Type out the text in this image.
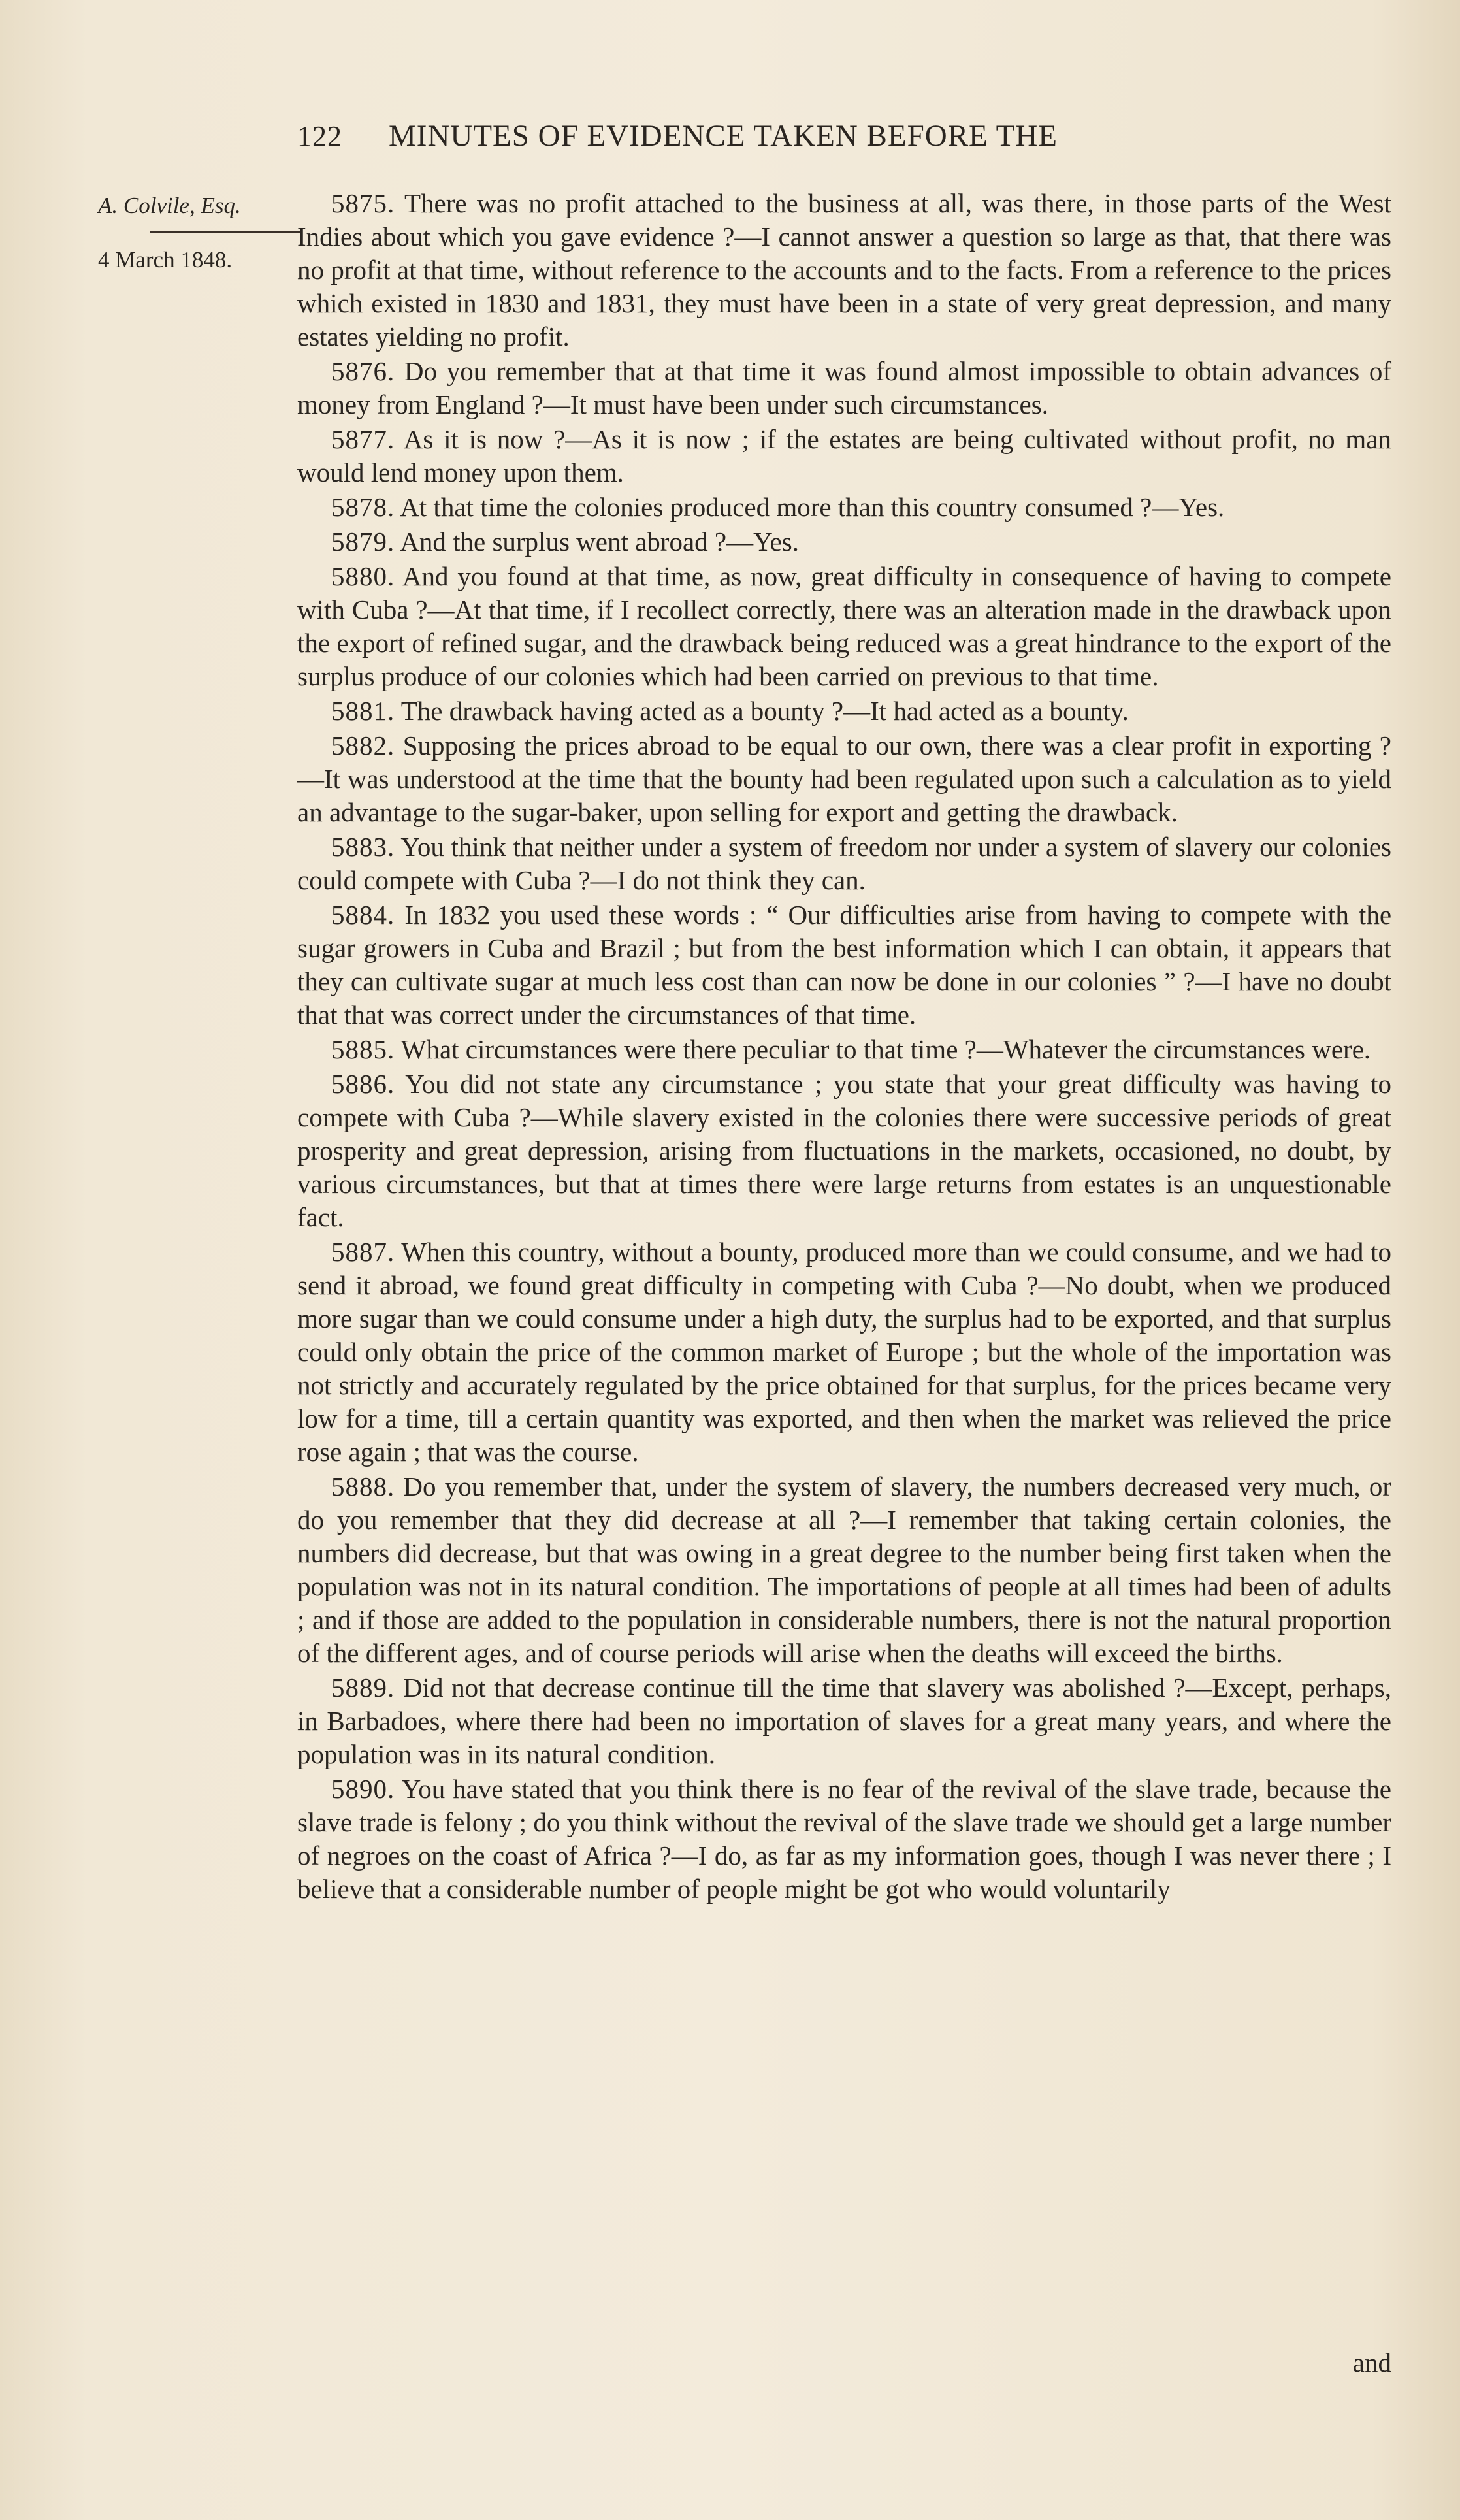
122 MINUTES OF EVIDENCE TAKEN BEFORE THE
A. Colvile, Esq.
4 March 1848.

5875. There was no profit attached to the business at all, was there, in those parts of the West Indies about which you gave evidence ?—I cannot answer a question so large as that, that there was no profit at that time, without reference to the accounts and to the facts. From a reference to the prices which existed in 1830 and 1831, they must have been in a state of very great depression, and many estates yielding no profit.

5876. Do you remember that at that time it was found almost impossible to obtain advances of money from England ?—It must have been under such circumstances.

5877. As it is now ?—As it is now ; if the estates are being cultivated without profit, no man would lend money upon them.

5878. At that time the colonies produced more than this country consumed ?—Yes.

5879. And the surplus went abroad ?—Yes.

5880. And you found at that time, as now, great difficulty in consequence of having to compete with Cuba ?—At that time, if I recollect correctly, there was an alteration made in the drawback upon the export of refined sugar, and the drawback being reduced was a great hindrance to the export of the surplus produce of our colonies which had been carried on previous to that time.

5881. The drawback having acted as a bounty ?—It had acted as a bounty.

5882. Supposing the prices abroad to be equal to our own, there was a clear profit in exporting ?—It was understood at the time that the bounty had been regulated upon such a calculation as to yield an advantage to the sugar-baker, upon selling for export and getting the drawback.

5883. You think that neither under a system of freedom nor under a system of slavery our colonies could compete with Cuba ?—I do not think they can.

5884. In 1832 you used these words : “ Our difficulties arise from having to compete with the sugar growers in Cuba and Brazil ; but from the best information which I can obtain, it appears that they can cultivate sugar at much less cost than can now be done in our colonies ” ?—I have no doubt that that was correct under the circumstances of that time.

5885. What circumstances were there peculiar to that time ?—Whatever the circumstances were.

5886. You did not state any circumstance ; you state that your great difficulty was having to compete with Cuba ?—While slavery existed in the colonies there were successive periods of great prosperity and great depression, arising from fluctuations in the markets, occasioned, no doubt, by various circumstances, but that at times there were large returns from estates is an unquestionable fact.

5887. When this country, without a bounty, produced more than we could consume, and we had to send it abroad, we found great difficulty in competing with Cuba ?—No doubt, when we produced more sugar than we could consume under a high duty, the surplus had to be exported, and that surplus could only obtain the price of the common market of Europe ; but the whole of the importation was not strictly and accurately regulated by the price obtained for that surplus, for the prices became very low for a time, till a certain quantity was exported, and then when the market was relieved the price rose again ; that was the course.

5888. Do you remember that, under the system of slavery, the numbers decreased very much, or do you remember that they did decrease at all ?—I remember that taking certain colonies, the numbers did decrease, but that was owing in a great degree to the number being first taken when the population was not in its natural condition. The importations of people at all times had been of adults ; and if those are added to the population in considerable numbers, there is not the natural proportion of the different ages, and of course periods will arise when the deaths will exceed the births.

5889. Did not that decrease continue till the time that slavery was abolished ?—Except, perhaps, in Barbadoes, where there had been no importation of slaves for a great many years, and where the population was in its natural condition.

5890. You have stated that you think there is no fear of the revival of the slave trade, because the slave trade is felony ; do you think without the revival of the slave trade we should get a large number of negroes on the coast of Africa ?—I do, as far as my information goes, though I was never there ; I believe that a considerable number of people might be got who would voluntarily

and
